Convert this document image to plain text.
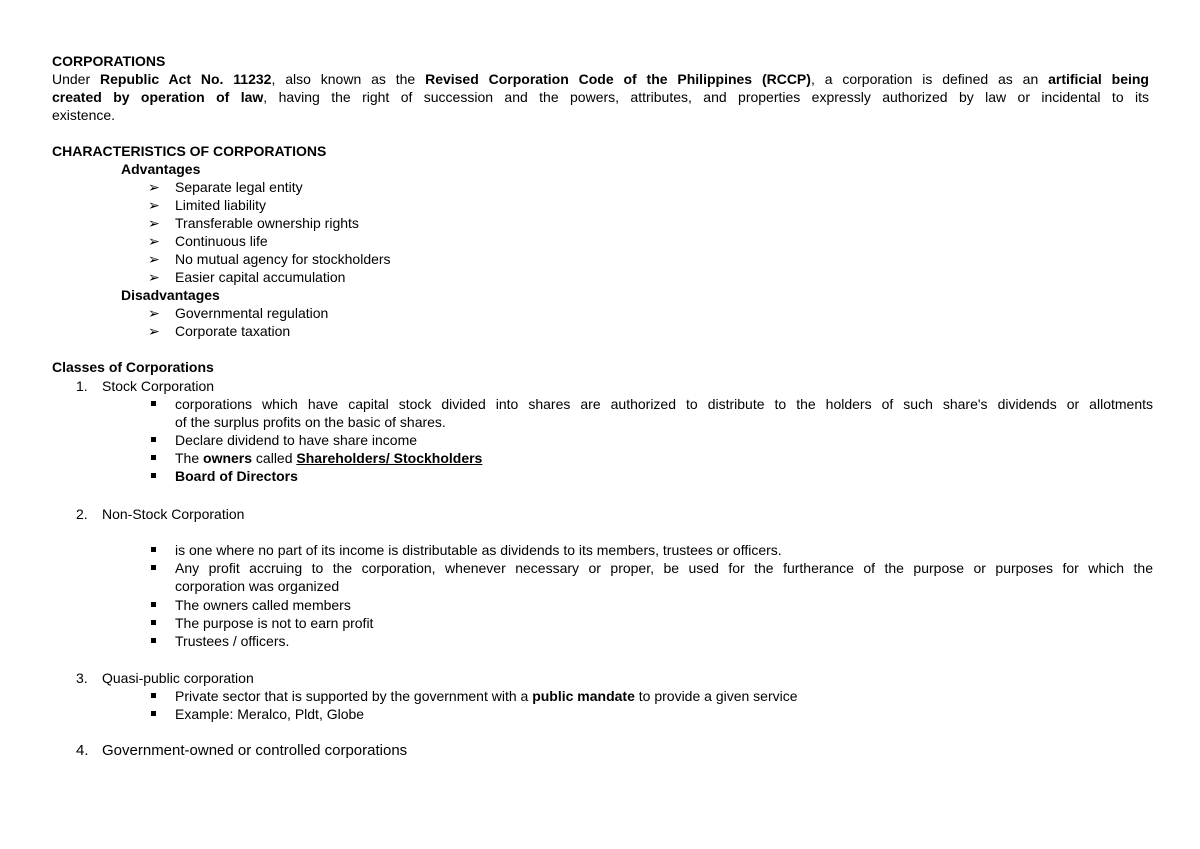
CORPORATIONS
Under Republic Act No. 11232, also known as the Revised Corporation Code of the Philippines (RCCP), a corporation is defined as an artificial being
created by operation of law, having the right of succession and the powers, attributes, and properties expressly authorized by law or incidental to its
existence.
CHARACTERISTICS OF CORPORATIONS
Advantages
➢ Separate legal entity
➢ Limited liability
➢ Transferable ownership rights
➢ Continuous life
➢ No mutual agency for stockholders
➢ Easier capital accumulation
Disadvantages
➢ Governmental regulation
➢ Corporate taxation
Classes of Corporations
1. Stock Corporation
corporations which have capital stock divided into shares are authorized to distribute to the holders of such share's dividends or allotments
of the surplus profits on the basic of shares.
Declare dividend to have share income
The owners called Shareholders/ Stockholders
Board of Directors
2. Non-Stock Corporation
is one where no part of its income is distributable as dividends to its members, trustees or officers.
Any profit accruing to the corporation, whenever necessary or proper, be used for the furtherance of the purpose or purposes for which the
corporation was organized
The owners called members
The purpose is not to earn profit
Trustees / officers.
3. Quasi-public corporation
Private sector that is supported by the government with a public mandate to provide a given service
Example: Meralco, Pldt, Globe
4. Government-owned or controlled corporations
